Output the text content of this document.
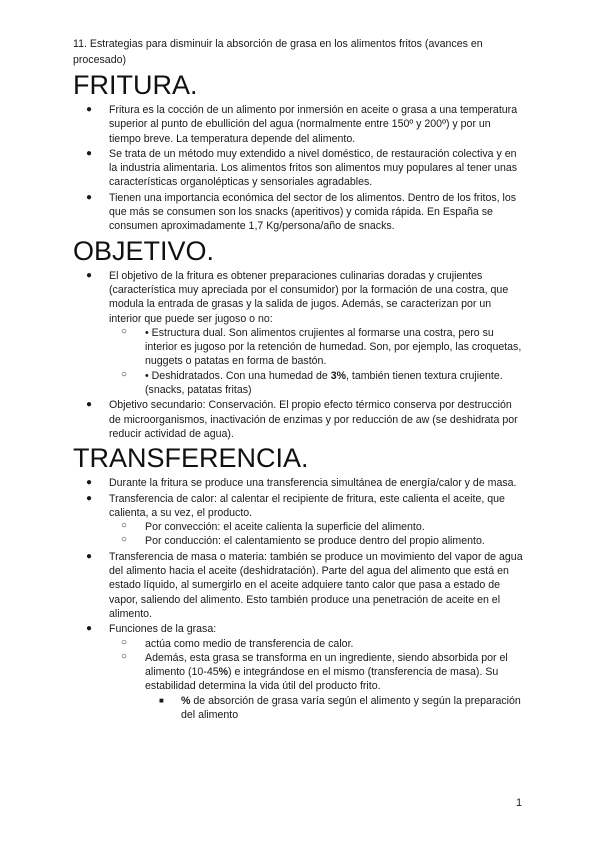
11. Estrategias para disminuir la absorción de grasa en los alimentos fritos (avances en procesado)

FRITURA.
● Fritura es la cocción de un alimento por inmersión en aceite o grasa a una temperatura superior al punto de ebullición del agua (normalmente entre 150º y 200º) y por un tiempo breve. La temperatura depende del alimento.
● Se trata de un método muy extendido a nivel doméstico, de restauración colectiva y en la industria alimentaria. Los alimentos fritos son alimentos muy populares al tener unas características organolépticas y sensoriales agradables.
● Tienen una importancia económica del sector de los alimentos. Dentro de los fritos, los que más se consumen son los snacks (aperitivos) y comida rápida. En España se consumen aproximadamente 1,7 Kg/persona/año de snacks.
OBJETIVO.
● El objetivo de la fritura es obtener preparaciones culinarias doradas y crujientes (característica muy apreciada por el consumidor) por la formación de una costra, que modula la entrada de grasas y la salida de jugos. Además, se caracterizan por un interior que puede ser jugoso o no:
○ • Estructura dual. Son alimentos crujientes al formarse una costra, pero su interior es jugoso por la retención de humedad. Son, por ejemplo, las croquetas, nuggets o patatas en forma de bastón.
○ • Deshidratados. Con una humedad de 3%, también tienen textura crujiente. (snacks, patatas fritas)
● Objetivo secundario: Conservación. El propio efecto térmico conserva por destrucción de microorganismos, inactivación de enzimas y por reducción de aw (se deshidrata por reducir actividad de agua).
TRANSFERENCIA.
● Durante la fritura se produce una transferencia simultánea de energía/calor y de masa.
● Transferencia de calor: al calentar el recipiente de fritura, este calienta el aceite, que calienta, a su vez, el producto.
○ Por convección: el aceite calienta la superficie del alimento.
○ Por conducción: el calentamiento se produce dentro del propio alimento.
● Transferencia de masa o materia: también se produce un movimiento del vapor de agua del alimento hacia el aceite (deshidratación). Parte del agua del alimento que está en estado líquido, al sumergirlo en el aceite adquiere tanto calor que pasa a estado de vapor, saliendo del alimento. Esto también produce una penetración de aceite en el alimento.
● Funciones de la grasa:
○ actúa como medio de transferencia de calor.
○ Además, esta grasa se transforma en un ingrediente, siendo absorbida por el alimento (10-45%) e integrándose en el mismo (transferencia de masa). Su estabilidad determina la vida útil del producto frito.
■ % de absorción de grasa varía según el alimento y según la preparación del alimento
1
